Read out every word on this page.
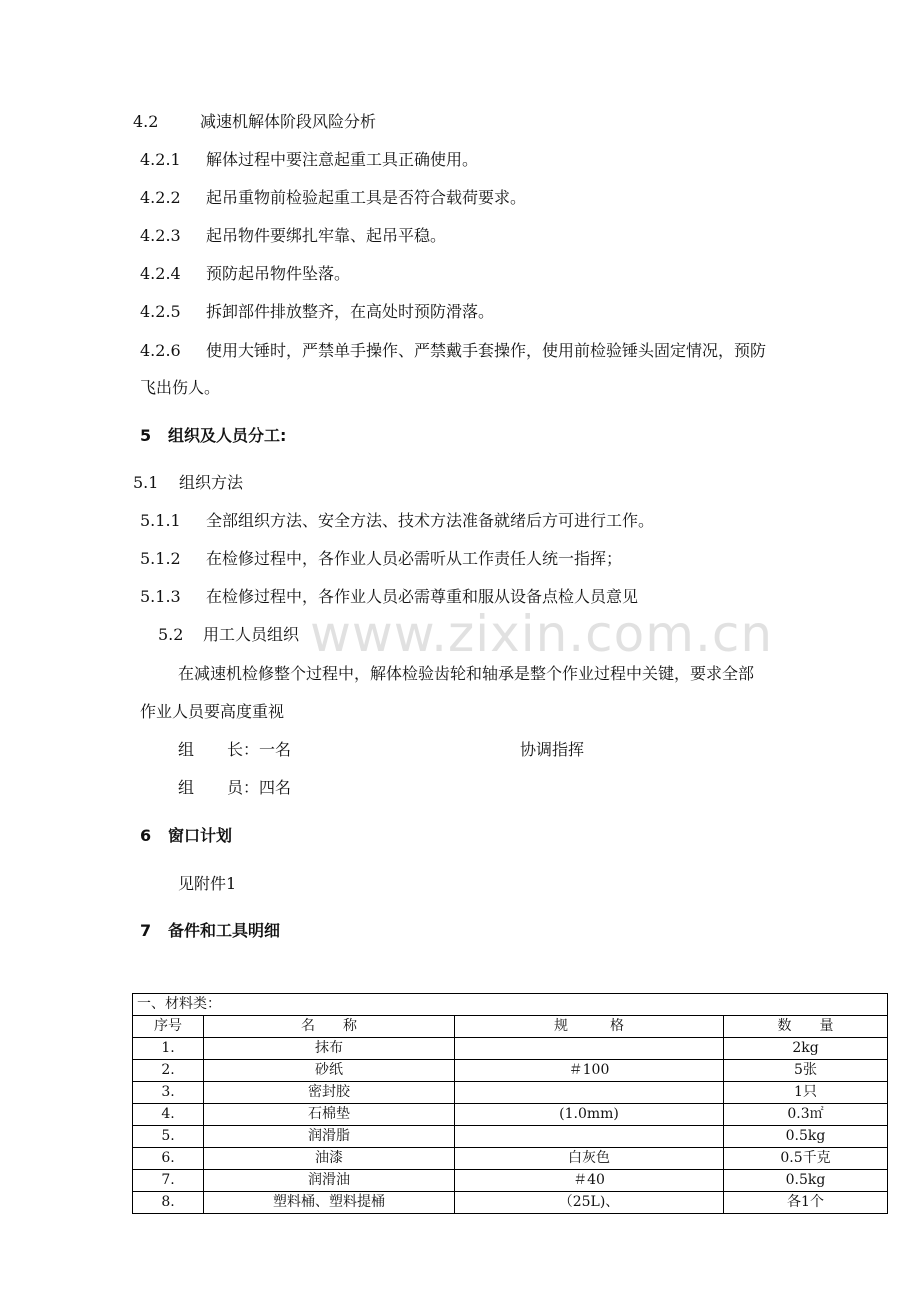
4.2	减速机解体阶段风险分析
4.2.1 解体过程中要注意起重工具正确使用。
4.2.2 起吊重物前检验起重工具是否符合载荷要求。
4.2.3 起吊物件要绑扎牢靠、起吊平稳。
4.2.4 预防起吊物件坠落。
4.2.5 拆卸部件排放整齐，在高处时预防滑落。
4.2.6 使用大锤时，严禁单手操作、严禁戴手套操作，使用前检验锤头固定情况，预防
飞出伤人。
5 组织及人员分工:
5.1 组织方法
5.1.1 全部组织方法、安全方法、技术方法准备就绪后方可进行工作。
5.1.2 在检修过程中，各作业人员必需听从工作责任人统一指挥；
5.1.3 在检修过程中，各作业人员必需尊重和服从设备点检人员意见
www.zixin.com.cn
5.2 用工人员组织
在减速机检修整个过程中，解体检验齿轮和轴承是整个作业过程中关键，要求全部
作业人员要高度重视
组 长：一名	协调指挥
组 员：四名
6 窗口计划
见附件1
7 备件和工具明细
一、材料类：			
序号	名　　称	规　　　格	数　　量
1.	抹布		2kg
2.	砂纸	＃100	5张
3.	密封胶		1只
4.	石棉垫	(1.0mm)	0.3㎡
5.	润滑脂		0.5kg
6.	油漆	白灰色	0.5千克
7.	润滑油	＃40	0.5kg
8.	塑料桶、塑料提桶	（25L)、	各1个
